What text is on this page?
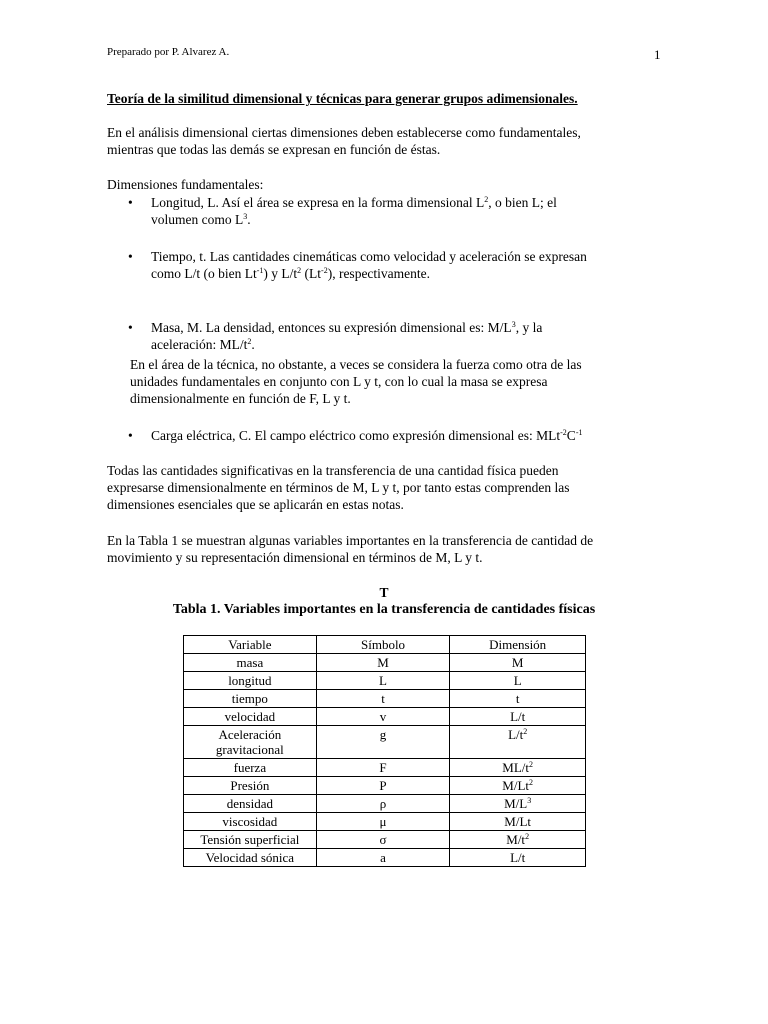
Preparado por P. Alvarez A.	1
Teoría de la similitud dimensional y técnicas para generar grupos adimensionales.
En el análisis dimensional ciertas dimensiones deben establecerse como fundamentales,
mientras que todas las demás se expresan en función de éstas.
Dimensiones fundamentales:
• Longitud, L. Así el área se expresa en la forma dimensional $L^2$, o bien L; el
volumen como $L^3$.
• Tiempo, t. Las cantidades cinemáticas como velocidad y aceleración se expresan
como L/t (o bien $Lt^{-1}$) y $L/t^2$ $(Lt^{-2})$, respectivamente.
• Masa, M. La densidad, entonces su expresión dimensional es: $M/L^3$, y la
aceleración: $ML/t^2$.
En el área de la técnica, no obstante, a veces se considera la fuerza como otra de las
unidades fundamentales en conjunto con L y t, con lo cual la masa se expresa
dimensionalmente en función de F, L y t.
• Carga eléctrica, C. El campo eléctrico como expresión dimensional es: $MLt^{-2}C^{-1}$
Todas las cantidades significativas en la transferencia de una cantidad física pueden
expresarse dimensionalmente en términos de M, L y t, por tanto estas comprenden las
dimensiones esenciales que se aplicarán en estas notas.
En la Tabla 1 se muestran algunas variables importantes en la transferencia de cantidad de
movimiento y su representación dimensional en términos de M, L y t.
T
Tabla 1. Variables importantes en la transferencia de cantidades físicas
Variable	Símbolo	Dimensión
masa	M	M
longitud	L	L
tiempo	t	t
velocidad	v	L/t
Aceleración gravitacional	g	$L/t^2$
fuerza	F	$ML/t^2$
Presión	P	M/Lt$^2$
densidad	ρ	$M/L^3$
viscosidad	μ	M/Lt
Tensión superficial	σ	$M/t^2$
Velocidad sónica	a	L/t
